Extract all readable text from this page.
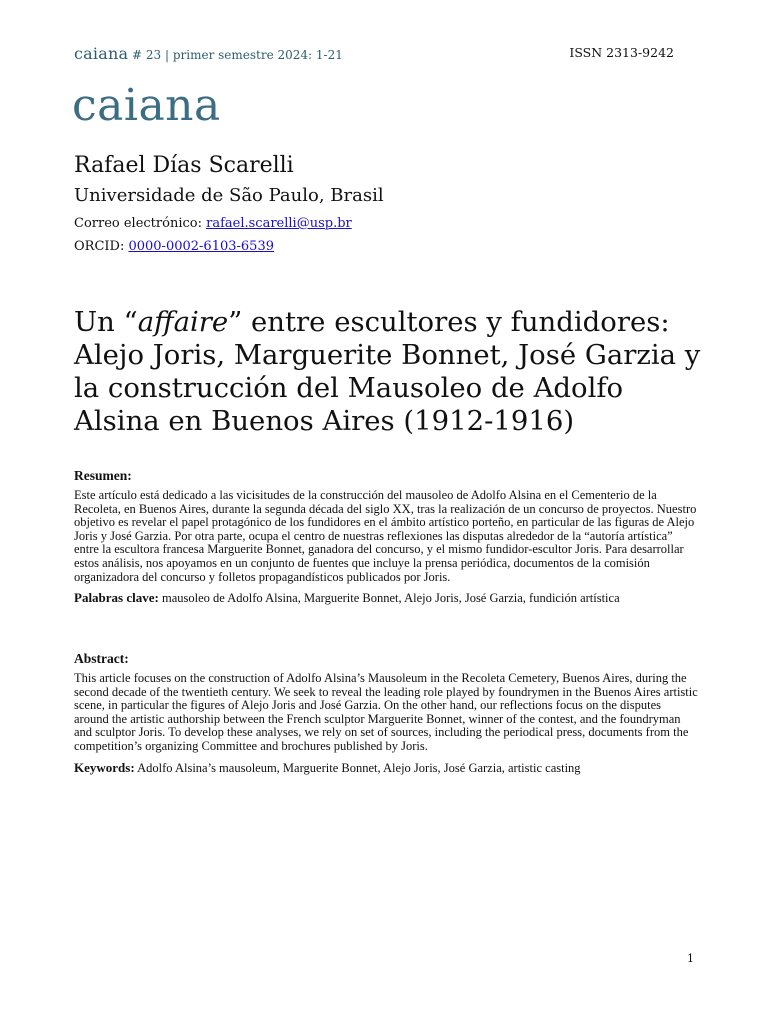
caiana # 23 | primer semestre 2024: 1-21	ISSN 2313-9242
caiana
Rafael Días Scarelli
Universidade de São Paulo, Brasil
Correo electrónico: rafael.scarelli@usp.br
ORCID: 0000-0002-6103-6539
Un “affaire” entre escultores y fundidores: Alejo Joris, Marguerite Bonnet, José Garzia y la construcción del Mausoleo de Adolfo Alsina en Buenos Aires (1912-1916)
Resumen:

Este artículo está dedicado a las vicisitudes de la construcción del mausoleo de Adolfo Alsina en el Cementerio de la Recoleta, en Buenos Aires, durante la segunda década del siglo XX, tras la realización de un concurso de proyectos. Nuestro objetivo es revelar el papel protagónico de los fundidores en el ámbito artístico porteño, en particular de las figuras de Alejo Joris y José Garzia. Por otra parte, ocupa el centro de nuestras reflexiones las disputas alrededor de la “autoría artística” entre la escultora francesa Marguerite Bonnet, ganadora del concurso, y el mismo fundidor-escultor Joris. Para desarrollar estos análisis, nos apoyamos en un conjunto de fuentes que incluye la prensa periódica, documentos de la comisión organizadora del concurso y folletos propagandísticos publicados por Joris.

Palabras clave: mausoleo de Adolfo Alsina, Marguerite Bonnet, Alejo Joris, José Garzia, fundición artística
Abstract:

This article focuses on the construction of Adolfo Alsina’s Mausoleum in the Recoleta Cemetery, Buenos Aires, during the second decade of the twentieth century. We seek to reveal the leading role played by foundrymen in the Buenos Aires artistic scene, in particular the figures of Alejo Joris and José Garzia. On the other hand, our reflections focus on the disputes around the artistic authorship between the French sculptor Marguerite Bonnet, winner of the contest, and the foundryman and sculptor Joris. To develop these analyses, we rely on set of sources, including the periodical press, documents from the competition’s organizing Committee and brochures published by Joris.

Keywords: Adolfo Alsina’s mausoleum, Marguerite Bonnet, Alejo Joris, José Garzia, artistic casting
1
